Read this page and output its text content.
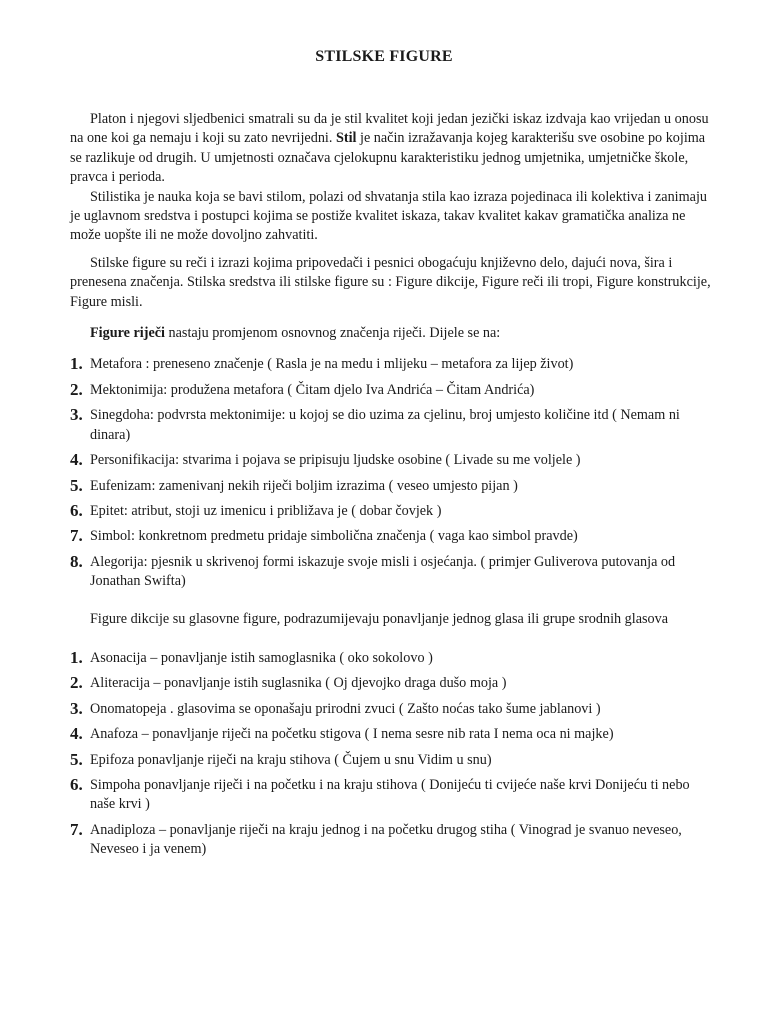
STILSKE FIGURE

Platon i njegovi sljedbenici smatrali su da je stil kvalitet koji jedan jezički iskaz izdvaja kao vrijedan u onosu na one koi ga nemaju i koji su zato nevrijedni. Stil je način izražavanja kojeg karakterišu sve osobine po kojima se razlikuje od drugih. U umjetnosti označava cjelokupnu karakteristiku jednog umjetnika, umjetničke škole, pravca i perioda.

Stilistika je nauka koja se bavi stilom, polazi od shvatanja stila kao izraza pojedinaca ili kolektiva i zanimaju je uglavnom sredstva i postupci kojima se postiže kvalitet iskaza, takav kvalitet kakav gramatička analiza ne može uopšte ili ne može dovoljno zahvatiti.

Stilske figure su reči i izrazi kojima pripovedači i pesnici obogaćuju književno delo, dajući nova, šira i prenesena značenja. Stilska sredstva ili stilske figure su : Figure dikcije, Figure reči ili tropi, Figure konstrukcije, Figure misli.

Figure riječi nastaju promjenom osnovnog značenja riječi. Dijele se na:

1. Metafora : preneseno značenje ( Rasla je na medu i mlijeku – metafora za lijep život)
2. Mektonimija: produžena metafora ( Čitam djelo Iva Andrića – Čitam Andrića)
3. Sinegdoha: podvrsta mektonimije: u kojoj se dio uzima za cjelinu, broj umjesto količine itd ( Nemam ni dinara)
4. Personifikacija: stvarima i pojava se pripisuju ljudske osobine ( Livade su me voljele )
5. Eufenizam: zamenivanj nekih riječi boljim izrazima ( veseo umjesto pijan )
6. Epitet: atribut, stoji uz imenicu i približava je ( dobar čovjek )
7. Simbol: konkretnom predmetu pridaje simbolična značenja ( vaga kao simbol pravde)
8. Alegorija: pjesnik u skrivenoj formi iskazuje svoje misli i osjećanja. ( primjer Guliverova putovanja od Jonathan Swifta)

Figure dikcije su glasovne figure, podrazumijevaju ponavljanje jednog glasa ili grupe srodnih glasova

1. Asonacija – ponavljanje istih samoglasnika ( oko sokolovo )
2. Aliteracija – ponavljanje istih suglasnika ( Oj djevojko draga dušo moja )
3. Onomatopeja . glasovima se oponašaju prirodni zvuci ( Zašto noćas tako šume jablanovi )
4. Anafoza – ponavljanje riječi na početku stigova ( I nema sesre nib rata I nema oca ni majke)
5. Epifoza ponavljanje riječi na kraju stihova ( Čujem u snu Vidim u snu)
6. Simpoha ponavljanje riječi i na početku i na kraju stihova ( Donijeću ti cvijeće naše krvi Donijeću ti nebo naše krvi )
7. Anadiploza – ponavljanje riječi na kraju jednog i na početku drugog stiha ( Vinograd je svanuo neveseo, Neveseo i ja venem)
